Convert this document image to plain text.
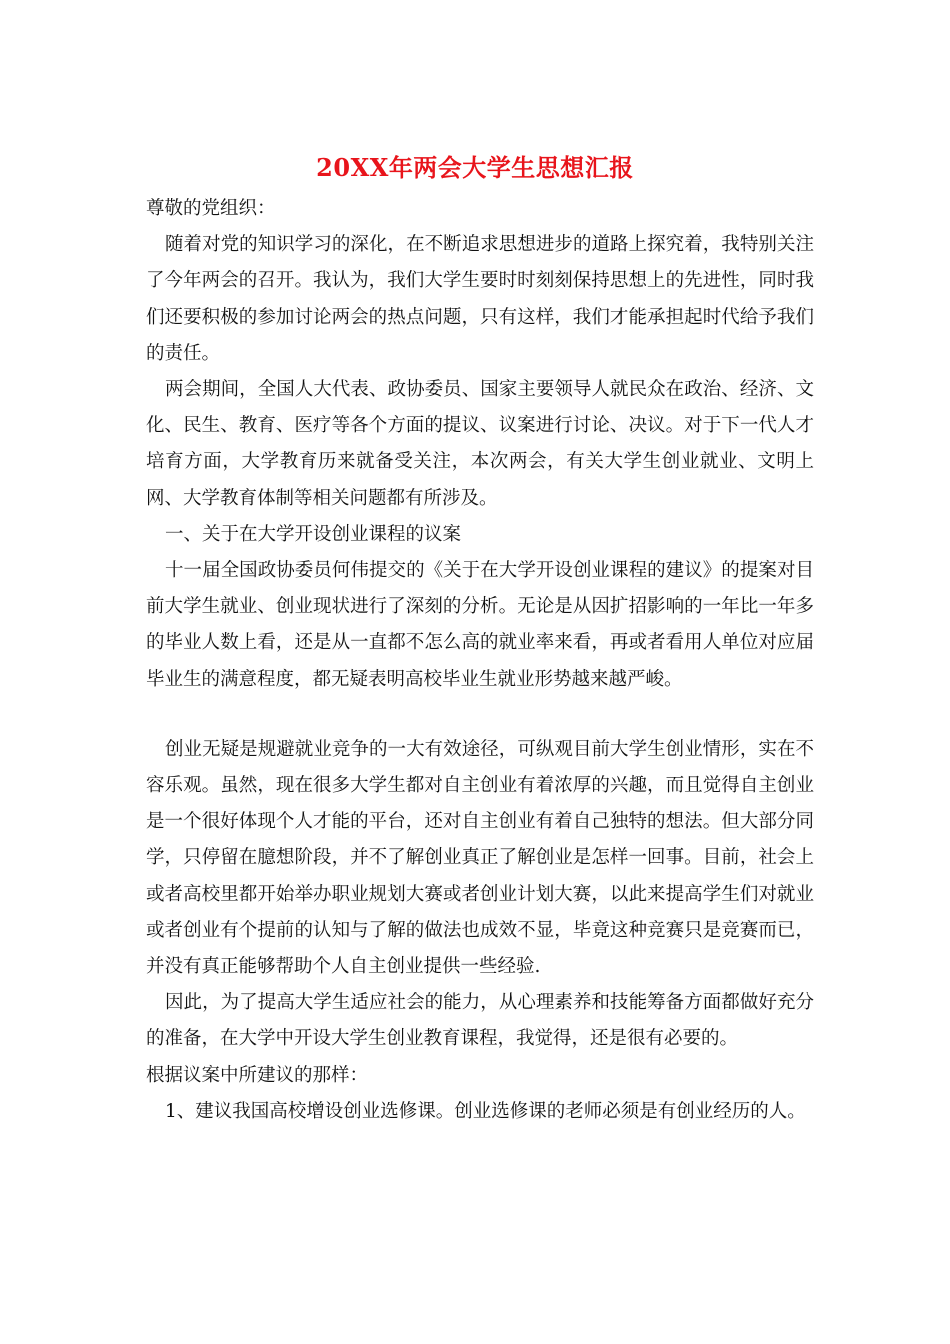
20XX年两会大学生思想汇报

尊敬的党组织：

随着对党的知识学习的深化，在不断追求思想进步的道路上探究着，我特别关注了今年两会的召开。我认为，我们大学生要时时刻刻保持思想上的先进性，同时我们还要积极的参加讨论两会的热点问题，只有这样，我们才能承担起时代给予我们的责任。

两会期间，全国人大代表、政协委员、国家主要领导人就民众在政治、经济、文化、民生、教育、医疗等各个方面的提议、议案进行讨论、决议。对于下一代人才培育方面，大学教育历来就备受关注，本次两会，有关大学生创业就业、文明上网、大学教育体制等相关问题都有所涉及。

一、关于在大学开设创业课程的议案

十一届全国政协委员何伟提交的《关于在大学开设创业课程的建议》的提案对目前大学生就业、创业现状进行了深刻的分析。无论是从因扩招影响的一年比一年多的毕业人数上看，还是从一直都不怎么高的就业率来看，再或者看用人单位对应届毕业生的满意程度，都无疑表明高校毕业生就业形势越来越严峻。

创业无疑是规避就业竞争的一大有效途径，可纵观目前大学生创业情形，实在不容乐观。虽然，现在很多大学生都对自主创业有着浓厚的兴趣，而且觉得自主创业是一个很好体现个人才能的平台，还对自主创业有着自己独特的想法。但大部分同学，只停留在臆想阶段，并不了解创业真正了解创业是怎样一回事。目前，社会上或者高校里都开始举办职业规划大赛或者创业计划大赛，以此来提高学生们对就业或者创业有个提前的认知与了解的做法也成效不显，毕竟这种竞赛只是竞赛而已，并没有真正能够帮助个人自主创业提供一些经验.

因此，为了提高大学生适应社会的能力，从心理素养和技能筹备方面都做好充分的准备，在大学中开设大学生创业教育课程，我觉得，还是很有必要的。

根据议案中所建议的那样：

1、建议我国高校增设创业选修课。创业选修课的老师必须是有创业经历的人。
